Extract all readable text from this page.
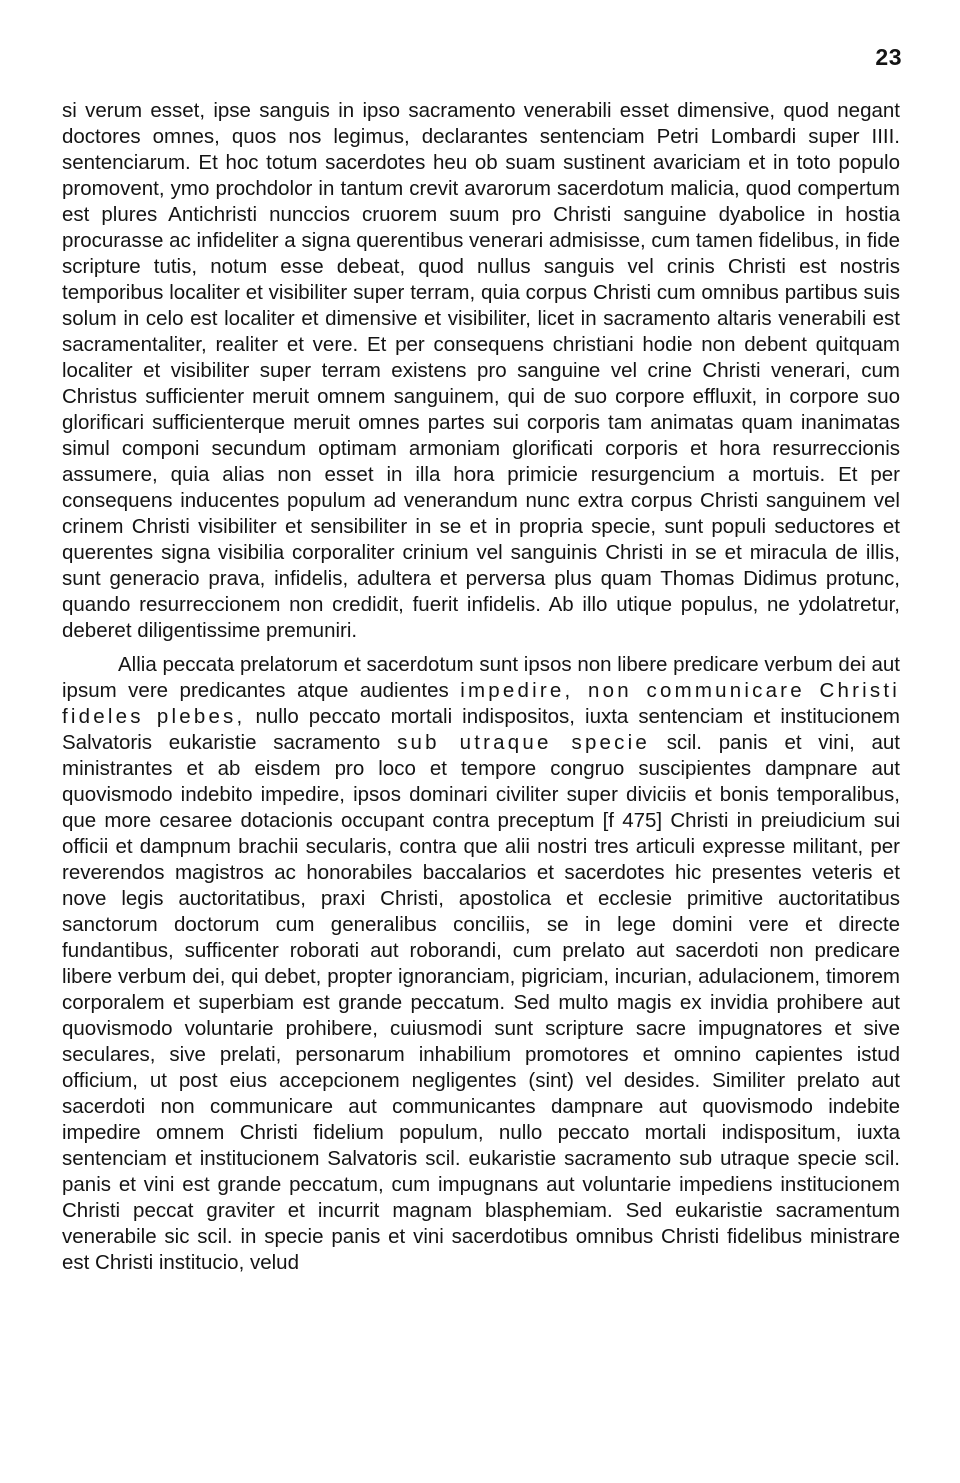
23

si verum esset, ipse sanguis in ipso sacramento venerabili esset dimensive, quod negant doctores omnes, quos nos legimus, declarantes sentenciam Petri Lombardi super IIII. sentenciarum. Et hoc totum sacerdotes heu ob suam sustinent avariciam et in toto populo promovent, ymo prochdolor in tantum crevit avarorum sacerdotum malicia, quod compertum est plures Antichristi nunccios cruorem suum pro Christi sanguine dyabolice in hostia procurasse ac infideliter a signa querentibus venerari admisisse, cum tamen fidelibus, in fide scripture tutis, notum esse debeat, quod nullus sanguis vel crinis Christi est nostris temporibus localiter et visibiliter super terram, quia corpus Christi cum omnibus partibus suis solum in celo est localiter et dimensive et visibiliter, licet in sacramento altaris venerabili est sacramentaliter, realiter et vere. Et per consequens christiani hodie non debent quitquam localiter et visibiliter super terram existens pro sanguine vel crine Christi venerari, cum Christus sufficienter meruit omnem sanguinem, qui de suo corpore effluxit, in corpore suo glorificari sufficienterque meruit omnes partes sui corporis tam animatas quam inanimatas simul componi secundum optimam armoniam glorificati corporis et hora resurreccionis assumere, quia alias non esset in illa hora primicie resurgencium a mortuis. Et per consequens inducentes populum ad venerandum nunc extra corpus Christi sanguinem vel crinem Christi visibiliter et sensibiliter in se et in propria specie, sunt populi seductores et querentes signa visibilia corporaliter crinium vel sanguinis Christi in se et miracula de illis, sunt generacio prava, infidelis, adultera et perversa plus quam Thomas Didimus protunc, quando resurreccionem non credidit, fuerit infidelis. Ab illo utique populus, ne ydolatretur, deberet diligentissime premuniri.

Allia peccata prelatorum et sacerdotum sunt ipsos non libere predicare verbum dei aut ipsum vere predicantes atque audientes impedire, non communicare Christi fideles plebes, nullo peccato mortali indispositos, iuxta sentenciam et institucionem Salvatoris eukaristie sacramento sub utraque specie scil. panis et vini, aut ministrantes et ab eisdem pro loco et tempore congruo suscipientes dampnare aut quovismodo indebito impedire, ipsos dominari civiliter super diviciis et bonis temporalibus, que more cesaree dotacionis occupant contra preceptum [f 475] Christi in preiudicium sui officii et dampnum brachii secularis, contra que alii nostri tres articuli expresse militant, per reverendos magistros ac honorabiles baccalarios et sacerdotes hic presentes veteris et nove legis auctoritatibus, praxi Christi, apostolica et ecclesie primitive auctoritatibus sanctorum doctorum cum generalibus conciliis, se in lege domini vere et directe fundantibus, sufficenter roborati aut roborandi, cum prelato aut sacerdoti non predicare libere verbum dei, qui debet, propter ignoranciam, pigriciam, incurian, adulacionem, timorem corporalem et superbiam est grande peccatum. Sed multo magis ex invidia prohibere aut quovismodo voluntarie prohibere, cuiusmodi sunt scripture sacre impugnatores et sive seculares, sive prelati, personarum inhabilium promotores et omnino capientes istud officium, ut post eius accepcionem negligentes (sint) vel desides. Similiter prelato aut sacerdoti non communicare aut communicantes dampnare aut quovismodo indebite impedire omnem Christi fidelium populum, nullo peccato mortali indispositum, iuxta sentenciam et institucionem Salvatoris scil. eukaristie sacramento sub utraque specie scil. panis et vini est grande peccatum, cum impugnans aut voluntarie impediens institucionem Christi peccat graviter et incurrit magnam blasphemiam. Sed eukaristie sacramentum venerabile sic scil. in specie panis et vini sacerdotibus omnibus Christi fidelibus ministrare est Christi institucio, velud
